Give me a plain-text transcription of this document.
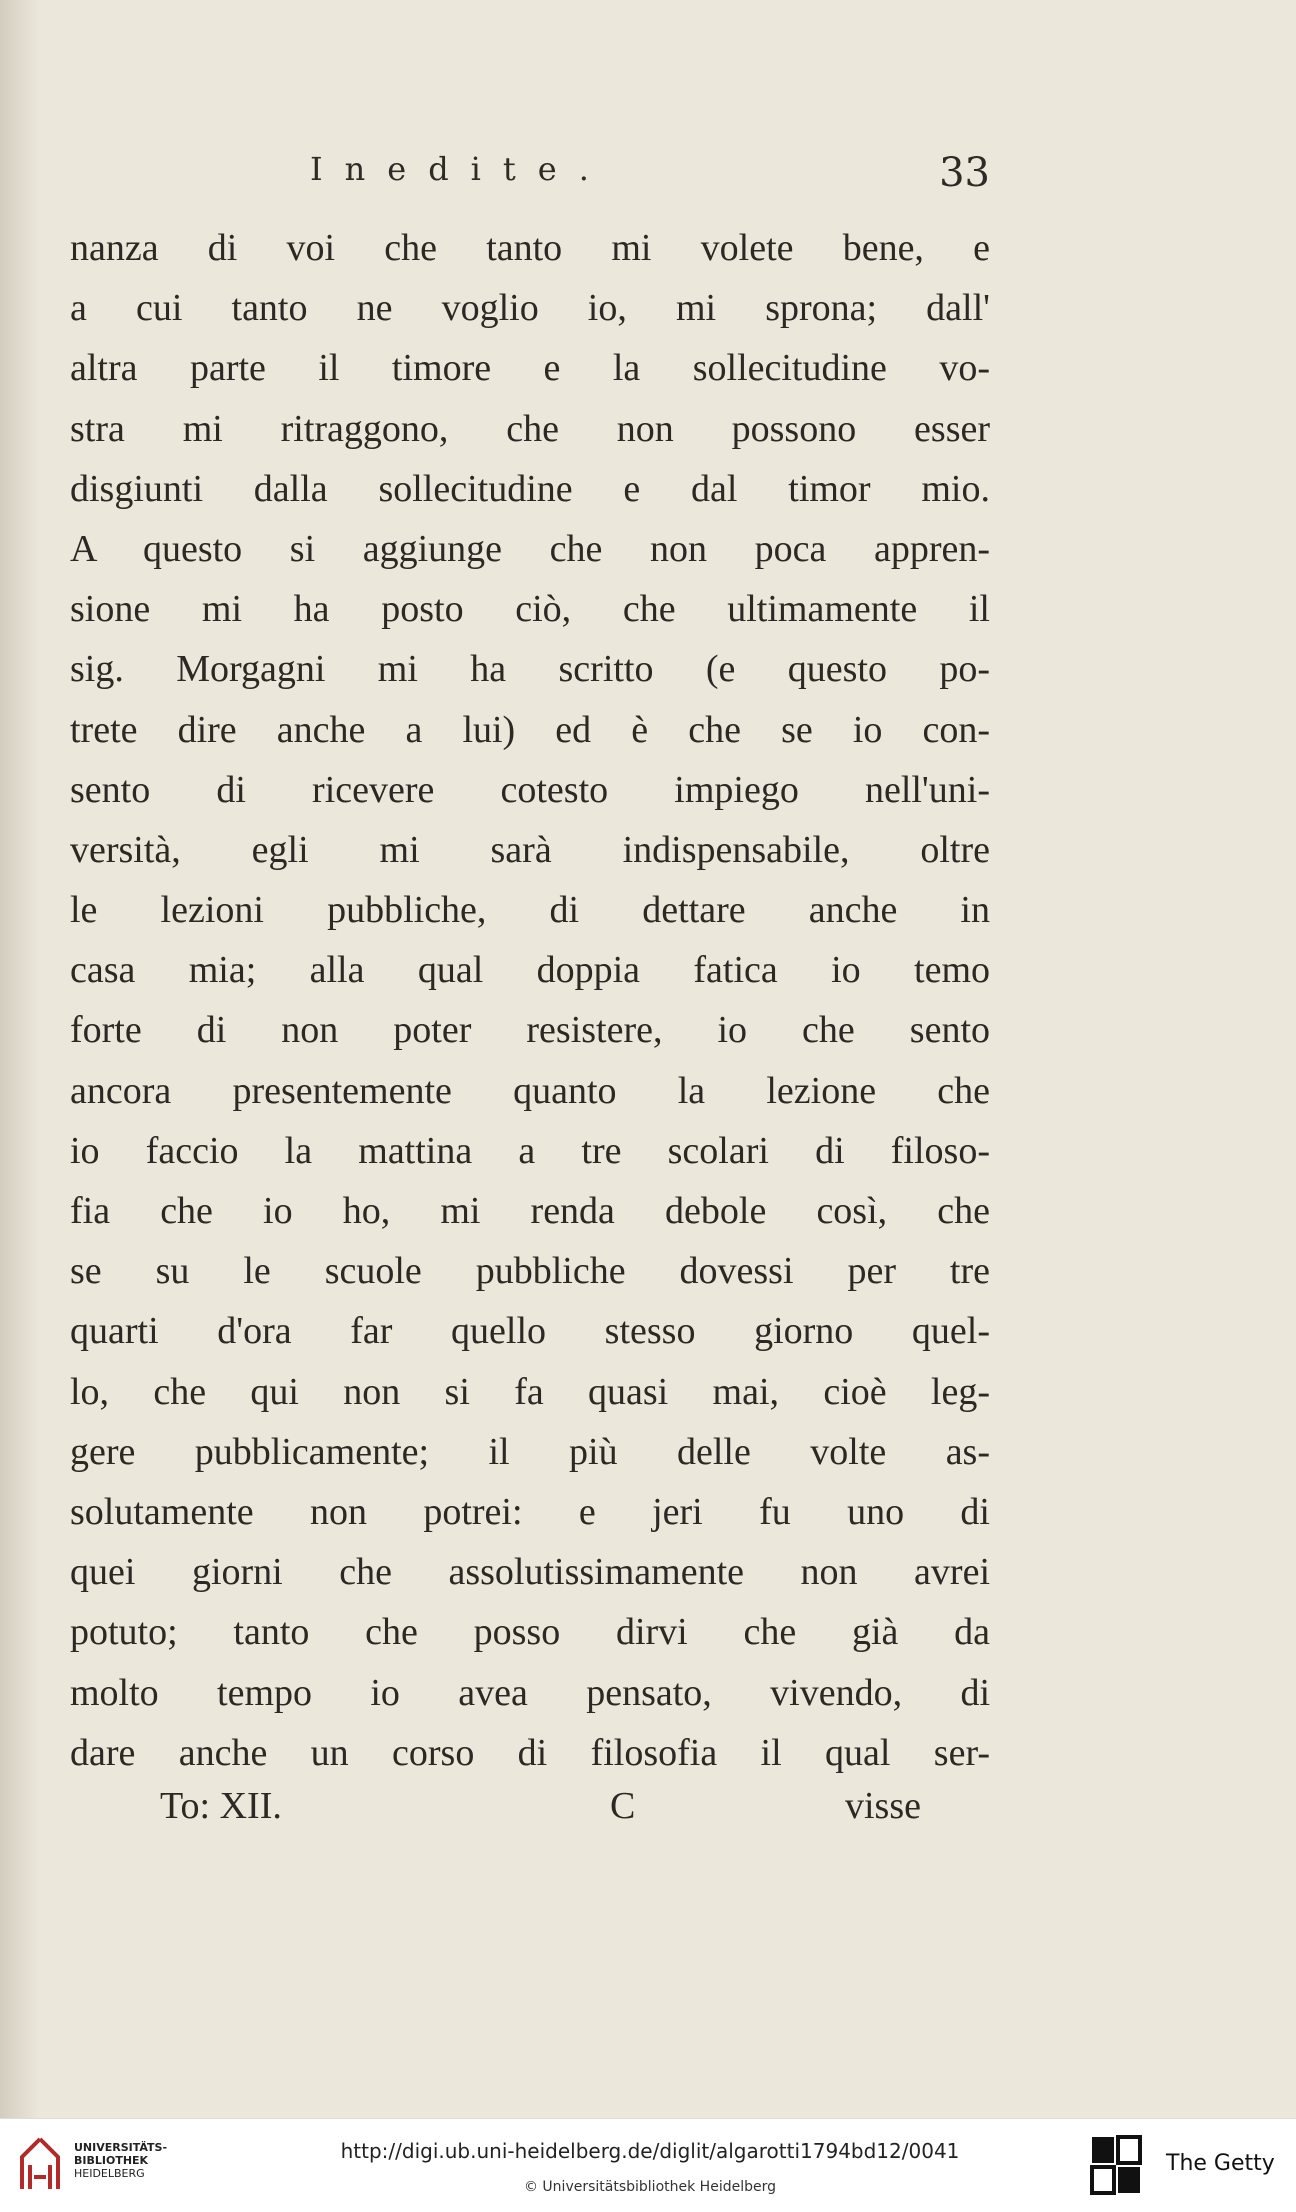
Inedite.	33
nanza di voi che tanto mi volete bene, e
a cui tanto ne voglio io, mi sprona; dall'
altra parte il timore e la sollecitudine vo-
stra mi ritraggono, che non possono esser
disgiunti dalla sollecitudine e dal timor mio.
A questo si aggiunge che non poca appren-
sione mi ha posto ciò, che ultimamente il
sig. Morgagni mi ha scritto (e questo po-
trete dire anche a lui) ed è che se io con-
sento di ricevere cotesto impiego nell'uni-
versità, egli mi sarà indispensabile, oltre
le lezioni pubbliche, di dettare anche in
casa mia; alla qual doppia fatica io temo
forte di non poter resistere, io che sento
ancora presentemente quanto la lezione che
io faccio la mattina a tre scolari di filoso-
fia che io ho, mi renda debole così, che
se su le scuole pubbliche dovessi per tre
quarti d'ora far quello stesso giorno quel-
lo, che qui non si fa quasi mai, cioè leg-
gere pubblicamente; il più delle volte as-
solutamente non potrei: e jeri fu uno di
quei giorni che assolutissimamente non avrei
potuto; tanto che posso dirvi che già da
molto tempo io avea pensato, vivendo, di
dare anche un corso di filosofia il qual ser-
To: XII.	C	visse
UNIVERSITÄTS-
BIBLIOTHEK
HEIDELBERG
http://digi.ub.uni-heidelberg.de/diglit/algarotti1794bd12/0041
© Universitätsbibliothek Heidelberg
The Getty
